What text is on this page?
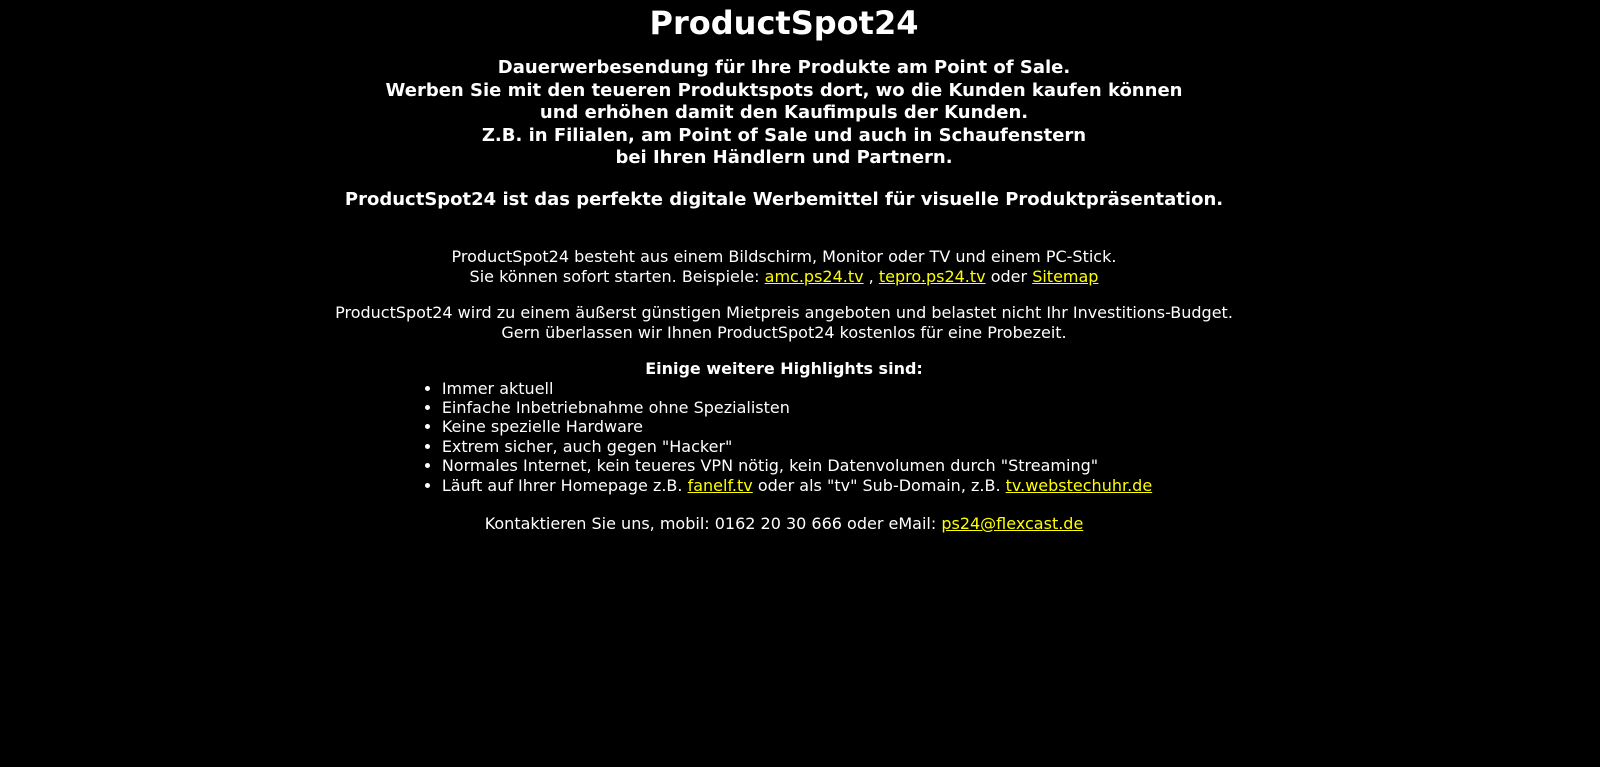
ProductSpot24
Dauerwerbesendung für Ihre Produkte am Point of Sale.
Werben Sie mit den teueren Produktspots dort, wo die Kunden kaufen können
und erhöhen damit den Kaufimpuls der Kunden.
Z.B. in Filialen, am Point of Sale und auch in Schaufenstern
bei Ihren Händlern und Partnern.
ProductSpot24 ist das perfekte digitale Werbemittel für visuelle Produktpräsentation.
ProductSpot24 besteht aus einem Bildschirm, Monitor oder TV und einem PC-Stick.
Sie können sofort starten. Beispiele: amc.ps24.tv , tepro.ps24.tv oder Sitemap
ProductSpot24 wird zu einem äußerst günstigen Mietpreis angeboten und belastet nicht Ihr Investitions-Budget.
Gern überlassen wir Ihnen ProductSpot24 kostenlos für eine Probezeit.
Einige weitere Highlights sind:
• Immer aktuell
• Einfache Inbetriebnahme ohne Spezialisten
• Keine spezielle Hardware
• Extrem sicher, auch gegen "Hacker"
• Normales Internet, kein teueres VPN nötig, kein Datenvolumen durch "Streaming"
• Läuft auf Ihrer Homepage z.B. fanelf.tv oder als "tv" Sub-Domain, z.B. tv.webstechuhr.de
Kontaktieren Sie uns, mobil: 0162 20 30 666 oder eMail: ps24@flexcast.de
